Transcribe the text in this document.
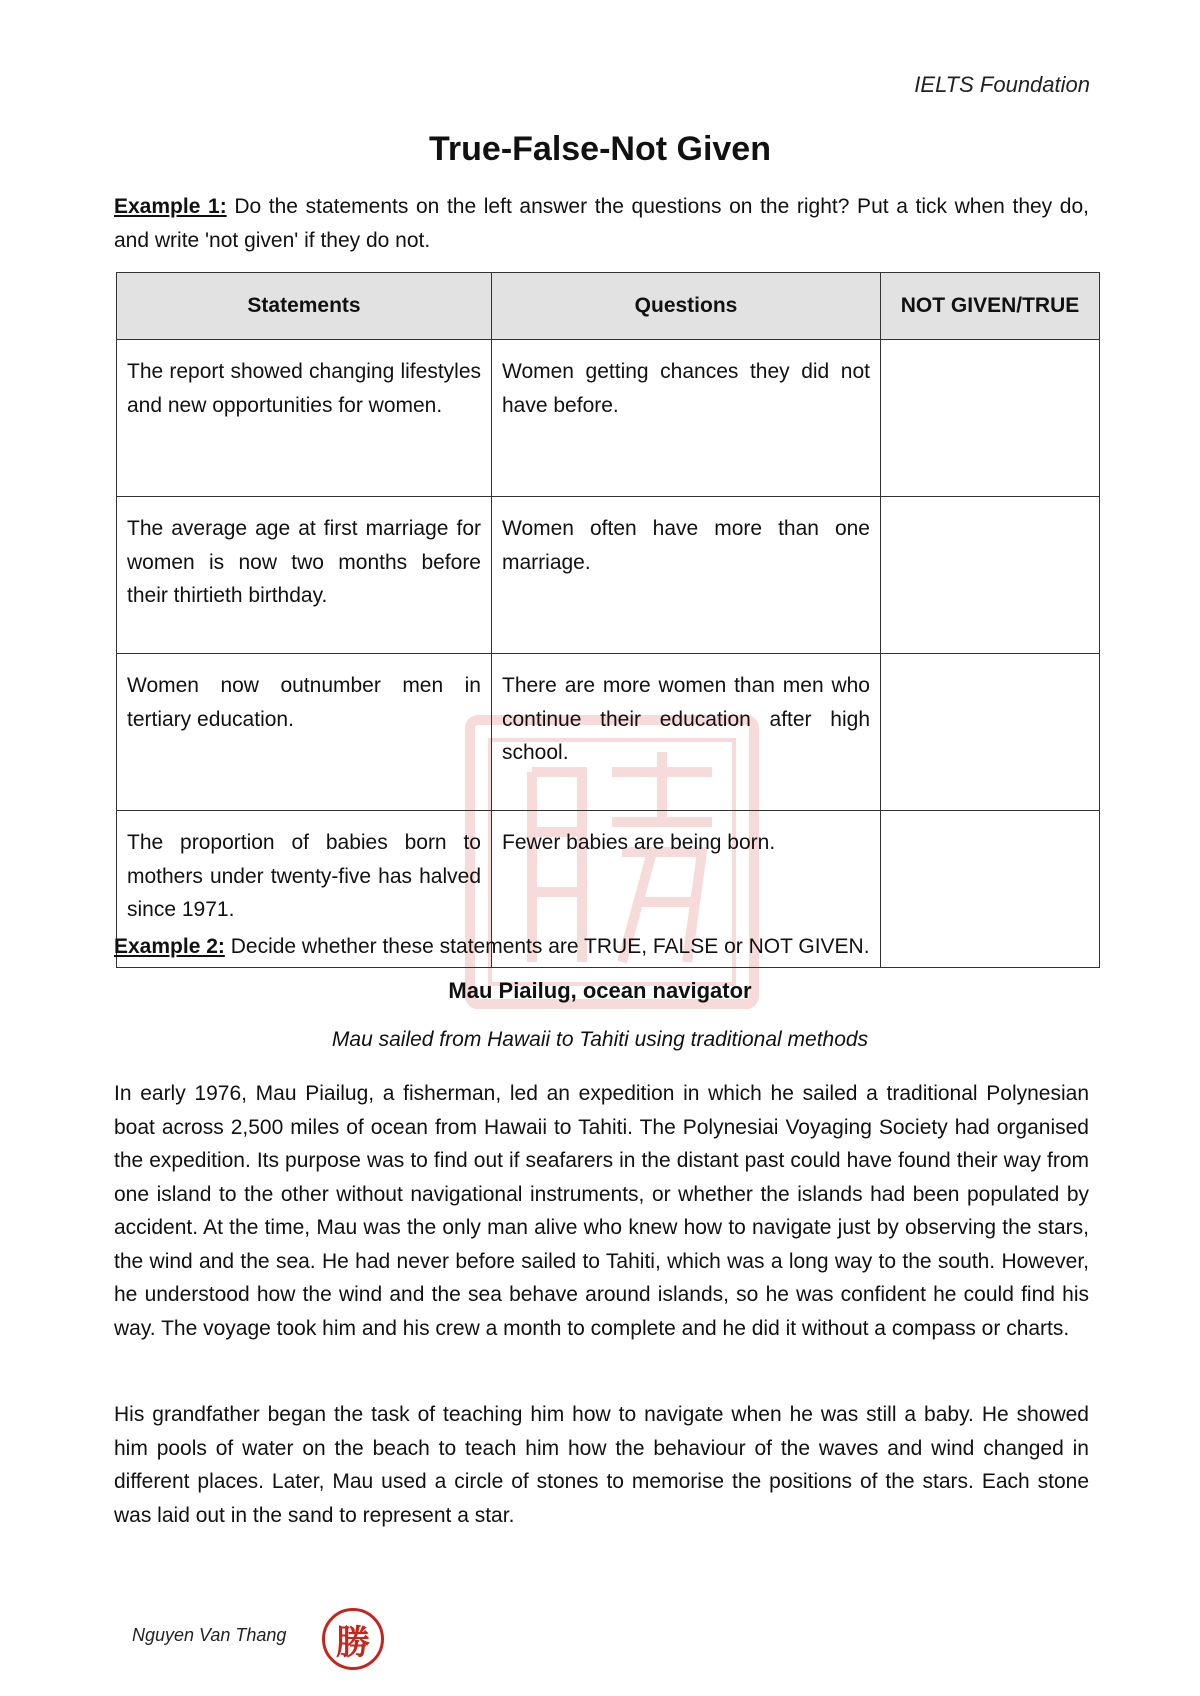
IELTS Foundation
True-False-Not Given
Example 1: Do the statements on the left answer the questions on the right? Put a tick when they do, and write 'not given' if they do not.
Statements	Questions	NOT GIVEN/TRUE
The report showed changing lifestyles and new opportunities for women.	Women getting chances they did not have before.	
The average age at first marriage for women is now two months before their thirtieth birthday.	Women often have more than one marriage.	
Women now outnumber men in tertiary education.	There are more women than men who continue their education after high school.	
The proportion of babies born to mothers under twenty-five has halved since 1971.	Fewer babies are being born.	
Example 2: Decide whether these statements are TRUE, FALSE or NOT GIVEN.
Mau Piailug, ocean navigator
Mau sailed from Hawaii to Tahiti using traditional methods
In early 1976, Mau Piailug, a fisherman, led an expedition in which he sailed a traditional Polynesian boat across 2,500 miles of ocean from Hawaii to Tahiti. The Polynesiai Voyaging Society had organised the expedition. Its purpose was to find out if seafarers in the distant past could have found their way from one island to the other without navigational instruments, or whether the islands had been populated by accident. At the time, Mau was the only man alive who knew how to navigate just by observing the stars, the wind and the sea. He had never before sailed to Tahiti, which was a long way to the south. However, he understood how the wind and the sea behave around islands, so he was confident he could find his way. The voyage took him and his crew a month to complete and he did it without a compass or charts.
His grandfather began the task of teaching him how to navigate when he was still a baby. He showed him pools of water on the beach to teach him how the behaviour of the waves and wind changed in different places. Later, Mau used a circle of stones to memorise the positions of the stars. Each stone was laid out in the sand to represent a star.
Nguyen Van Thang	勝
